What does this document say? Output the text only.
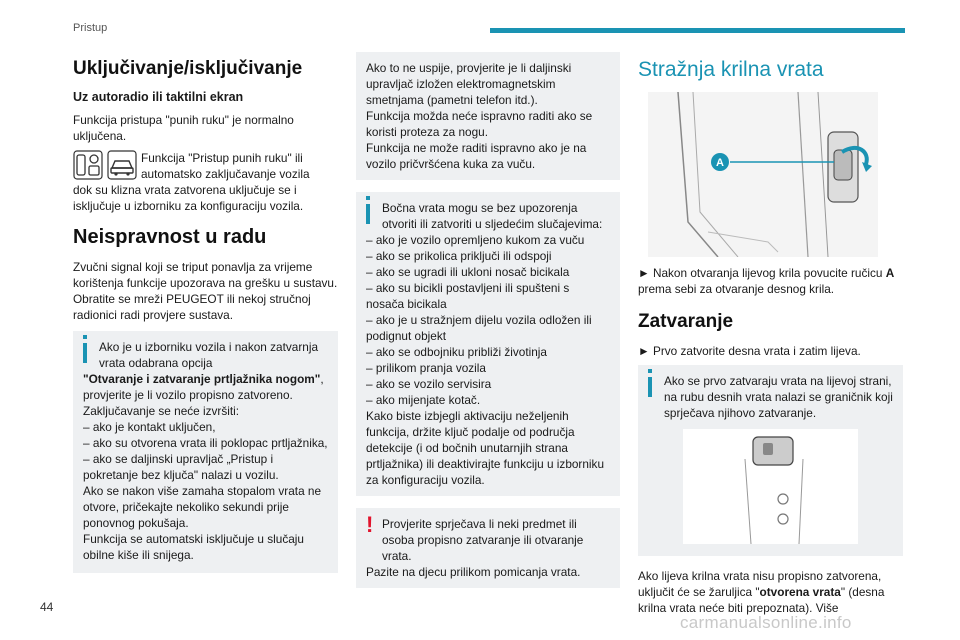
Pristup
Uključivanje/isključivanje
Uz autoradio ili taktilni ekran

Funkcija pristupa "punih ruku" je normalno uključena.

Funkcija "Pristup punih ruku" ili automatsko zaključavanje vozila

dok su klizna vrata zatvorena uključuje se i isključuje u izborniku za konfiguraciju vozila.

Neispravnost u radu

Zvučni signal koji se triput ponavlja za vrijeme korištenja funkcije upozorava na grešku u sustavu.

Obratite se mreži PEUGEOT ili nekoj stručnoj radionici radi provjere sustava.

Ako je u izborniku vozila i nakon zatvarnja vrata odabrana opcija
"Otvaranje i zatvaranje prtljažnika nogom", provjerite je li vozilo propisno zatvoreno.
Zaključavanje se neće izvršiti:
– ako je kontakt uključen,
– ako su otvorena vrata ili poklopac prtljažnika,
– ako se daljinski upravljač „Pristup i pokretanje bez ključa" nalazi u vozilu.
Ako se nakon više zamaha stopalom vrata ne otvore, pričekajte nekoliko sekundi prije ponovnog pokušaja.
Funkcija se automatski isključuje u slučaju obilne kiše ili snijega.
Ako to ne uspije, provjerite je li daljinski upravljač izložen elektromagnetskim smetnjama (pametni telefon itd.).
Funkcija možda neće ispravno raditi ako se koristi proteza za nogu.
Funkcija ne može raditi ispravno ako je na vozilo pričvršćena kuka za vuču.
Bočna vrata mogu se bez upozorenja otvoriti ili zatvoriti u sljedećim slučajevima:
– ako je vozilo opremljeno kukom za vuču
– ako se prikolica priključi ili odspoji
– ako se ugradi ili ukloni nosač bicikala
– ako su bicikli postavljeni ili spušteni s nosača bicikala
– ako je u stražnjem dijelu vozila odložen ili podignut objekt
– ako se odbojniku približi životinja
– prilikom pranja vozila
– ako se vozilo servisira
– ako mijenjate kotač.
Kako biste izbjegli aktivaciju neželjenih funkcija, držite ključ podalje od područja detekcije (i od bočnih unutarnjih strana prtljažnika) ili deaktivirajte funkciju u izborniku za konfiguraciju vozila.
! Provjerite sprječava li neki predmet ili osoba propisno zatvaranje ili otvaranje vrata.
Pazite na djecu prilikom pomicanja vrata.
Stražnja krilna vrata
A

► Nakon otvaranja lijevog krila povucite ručicu A prema sebi za otvaranje desnog krila.

Zatvaranje

► Prvo zatvorite desna vrata i zatim lijeva.

Ako se prvo zatvaraju vrata na lijevoj strani, na rubu desnih vrata nalazi se graničnik koji sprječava njihovo zatvaranje.

Ako lijeva krilna vrata nisu propisno zatvorena, uključit će se žaruljica "otvorena vrata" (desna krilna vrata neće biti prepoznata). Više

44
carmanualsonline.info
